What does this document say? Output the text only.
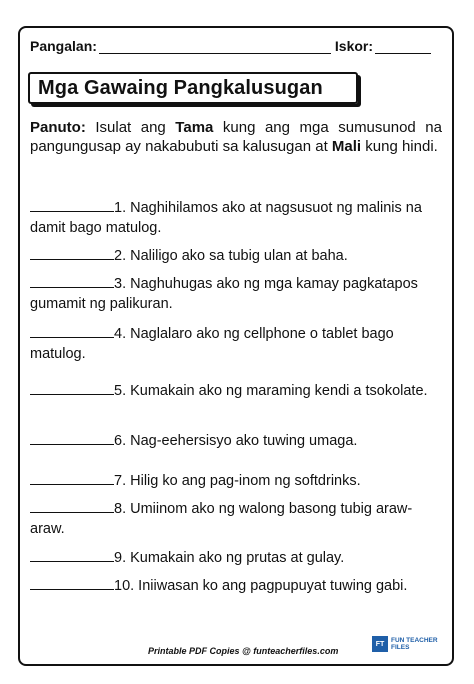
Pangalan:	Iskor:
Mga Gawaing Pangkalusugan
Panuto: Isulat ang Tama kung ang mga sumusunod na pangungusap ay nakabubuti sa kalusugan at Mali kung hindi.
1. Naghihilamos ako at nagsusuot ng malinis na damit bago matulog.
2. Naliligo ako sa tubig ulan at baha.
3. Naghuhugas ako ng mga kamay pagkatapos gumamit ng palikuran.
4. Naglalaro ako ng cellphone o tablet bago matulog.
5. Kumakain ako ng maraming kendi a tsokolate.
6. Nag-eehersisyo ako tuwing umaga.
7. Hilig ko ang pag-inom ng softdrinks.
8. Umiinom ako ng walong basong tubig araw-araw.
9. Kumakain ako ng prutas at gulay.
10. Iniiwasan ko ang pagpupuyat tuwing gabi.
Printable PDF Copies @ funteacherfiles.com
FT	FUN TEACHER
FILES
